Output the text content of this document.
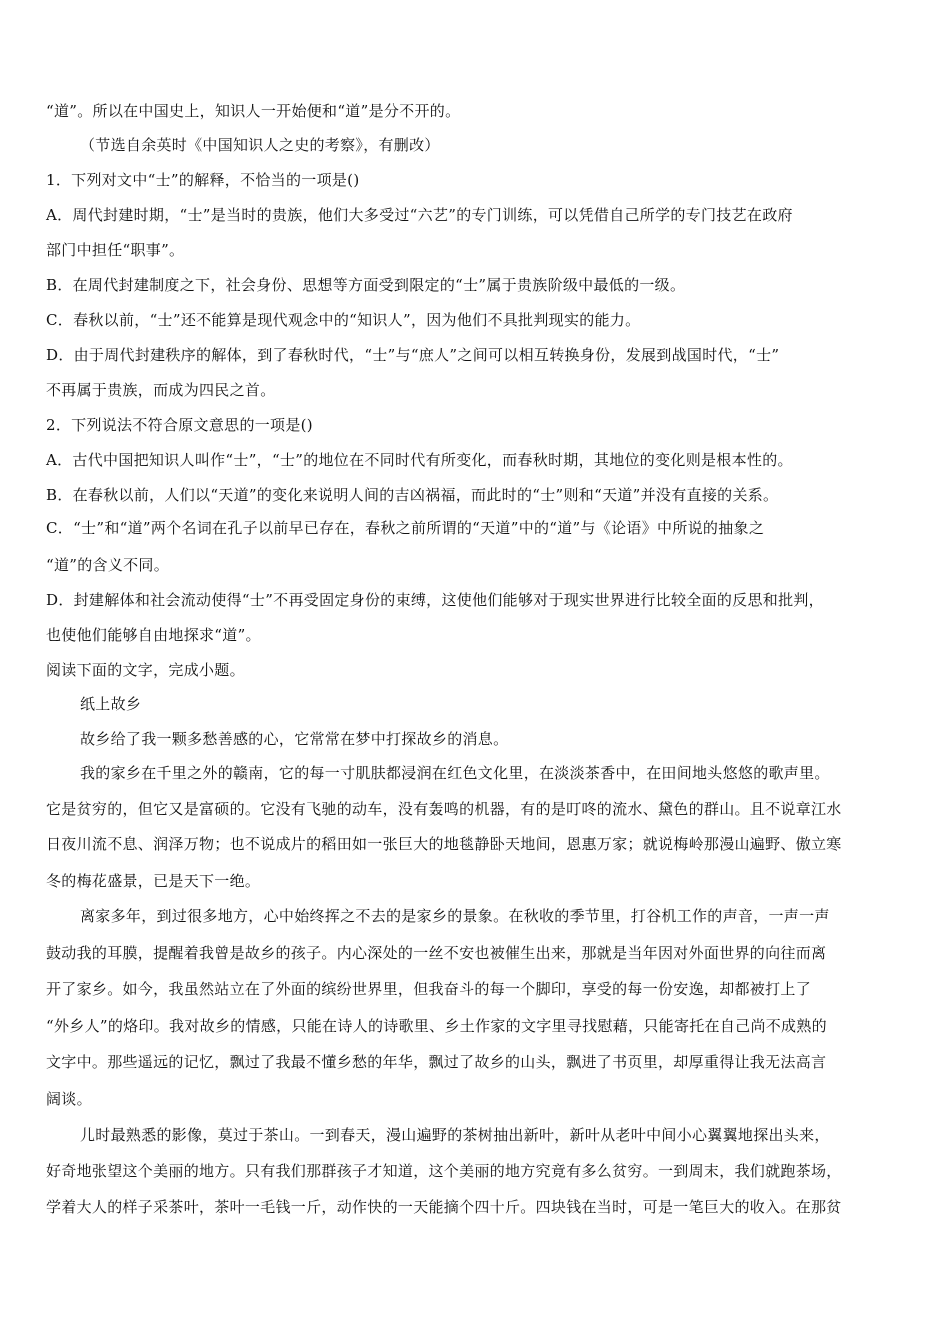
“道”。所以在中国史上，知识人一开始便和“道”是分不开的。
（节选自余英时《中国知识人之史的考察》，有删改）
1．下列对文中“士”的解释，不恰当的一项是()
A．周代封建时期，“士”是当时的贵族，他们大多受过“六艺”的专门训练，可以凭借自己所学的专门技艺在政府
部门中担任“职事”。
B．在周代封建制度之下，社会身份、思想等方面受到限定的“士”属于贵族阶级中最低的一级。
C．春秋以前，“士”还不能算是现代观念中的“知识人”，因为他们不具批判现实的能力。
D．由于周代封建秩序的解体，到了春秋时代，“士”与“庶人”之间可以相互转换身份，发展到战国时代，“士”
不再属于贵族，而成为四民之首。
2．下列说法不符合原文意思的一项是()
A．古代中国把知识人叫作“士”，“士”的地位在不同时代有所变化，而春秋时期，其地位的变化则是根本性的。
B．在春秋以前，人们以“天道”的变化来说明人间的吉凶祸福，而此时的“士”则和“天道”并没有直接的关系。
C．“士”和“道”两个名词在孔子以前早已存在，春秋之前所谓的“天道”中的“道”与《论语》中所说的抽象之
“道”的含义不同。
D．封建解体和社会流动使得“士”不再受固定身份的束缚，这使他们能够对于现实世界进行比较全面的反思和批判，
也使他们能够自由地探求“道”。
阅读下面的文字，完成小题。
纸上故乡
故乡给了我一颗多愁善感的心，它常常在梦中打探故乡的消息。
我的家乡在千里之外的赣南，它的每一寸肌肤都浸润在红色文化里，在淡淡茶香中，在田间地头悠悠的歌声里。
它是贫穷的，但它又是富硕的。它没有飞驰的动车，没有轰鸣的机器，有的是叮咚的流水、黛色的群山。且不说章江水
日夜川流不息、润泽万物；也不说成片的稻田如一张巨大的地毯静卧天地间，恩惠万家；就说梅岭那漫山遍野、傲立寒
冬的梅花盛景，已是天下一绝。
离家多年，到过很多地方，心中始终挥之不去的是家乡的景象。在秋收的季节里，打谷机工作的声音，一声一声
鼓动我的耳膜，提醒着我曾是故乡的孩子。内心深处的一丝不安也被催生出来，那就是当年因对外面世界的向往而离
开了家乡。如今，我虽然站立在了外面的缤纷世界里，但我奋斗的每一个脚印，享受的每一份安逸，却都被打上了
“外乡人”的烙印。我对故乡的情感，只能在诗人的诗歌里、乡土作家的文字里寻找慰藉，只能寄托在自己尚不成熟的
文字中。那些遥远的记忆，飘过了我最不懂乡愁的年华，飘过了故乡的山头，飘进了书页里，却厚重得让我无法高言
阔谈。
儿时最熟悉的影像，莫过于茶山。一到春天，漫山遍野的茶树抽出新叶，新叶从老叶中间小心翼翼地探出头来，
好奇地张望这个美丽的地方。只有我们那群孩子才知道，这个美丽的地方究竟有多么贫穷。一到周末，我们就跑茶场，
学着大人的样子采茶叶，茶叶一毛钱一斤，动作快的一天能摘个四十斤。四块钱在当时，可是一笔巨大的收入。在那贫
